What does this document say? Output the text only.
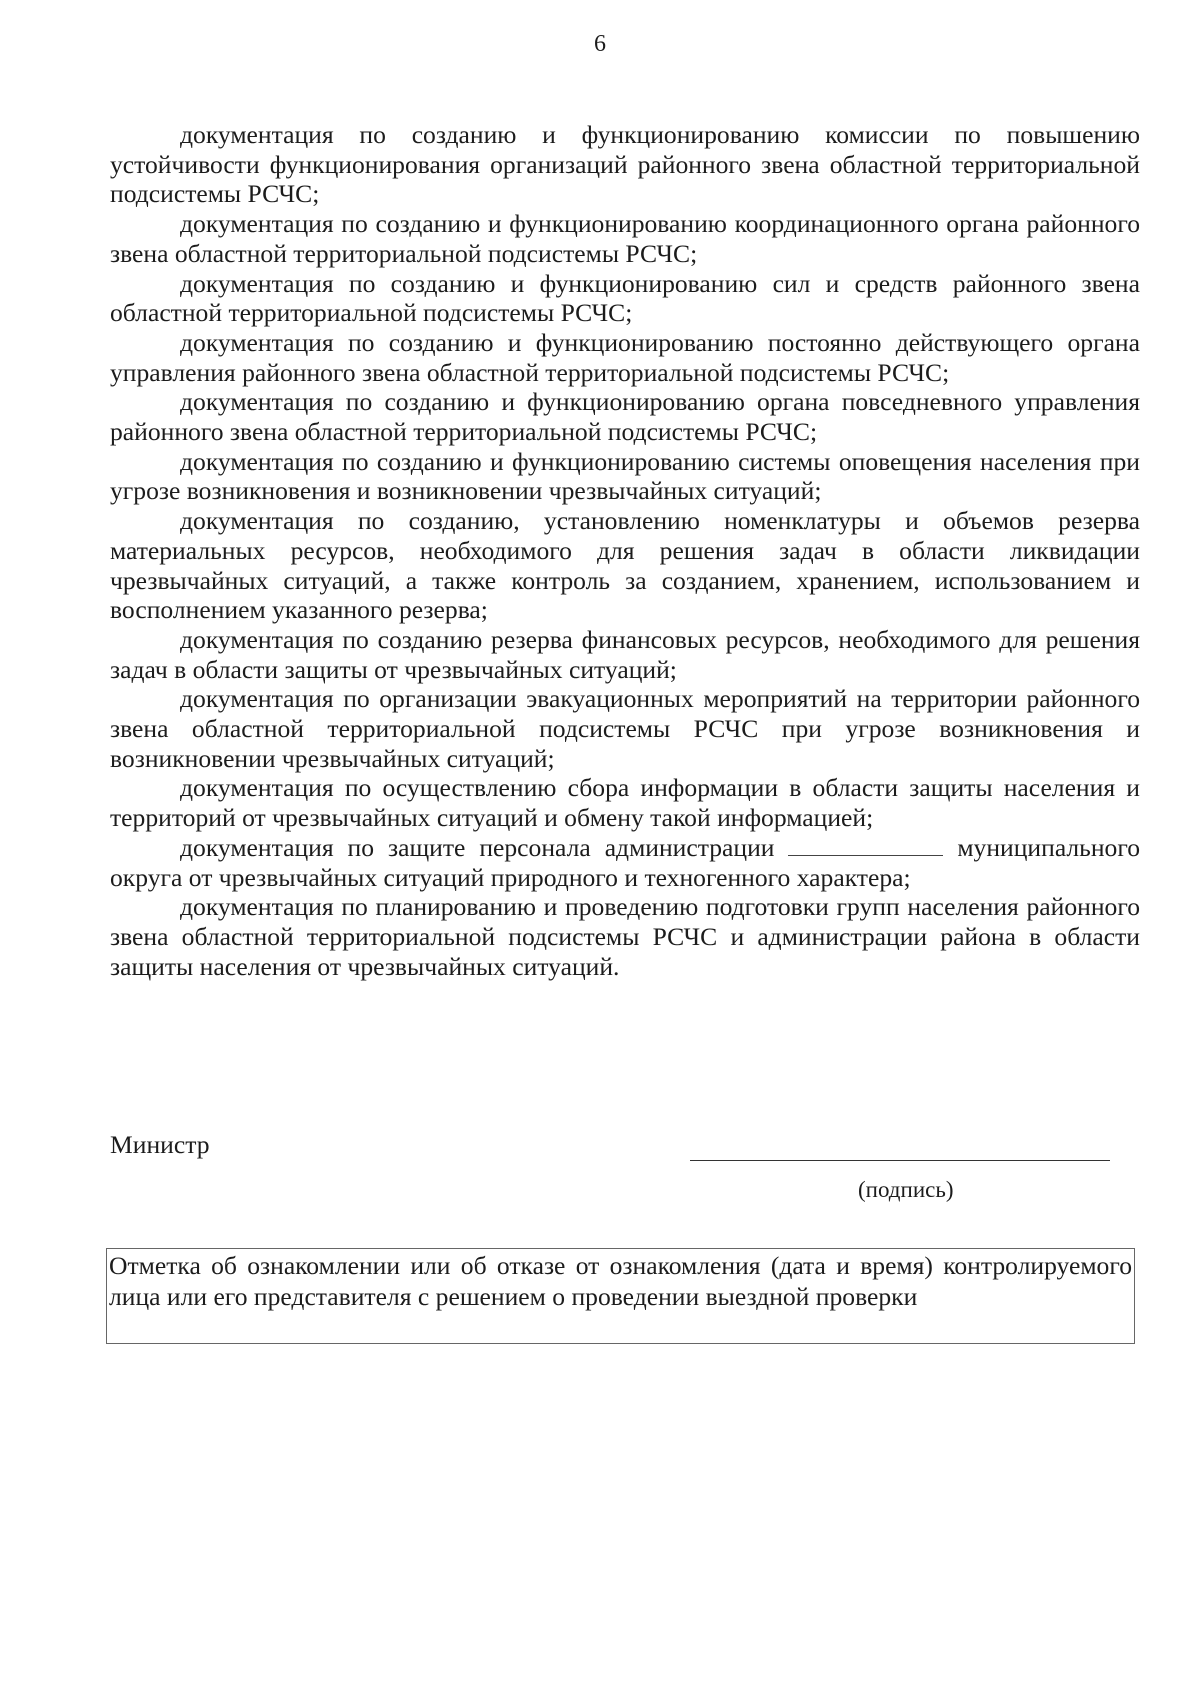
6

документация по созданию и функционированию комиссии по повышению устойчивости функционирования организаций районного звена областной территориальной подсистемы РСЧС;

документация по созданию и функционированию координационного органа районного звена областной территориальной подсистемы РСЧС;

документация по созданию и функционированию сил и средств районного звена областной территориальной подсистемы РСЧС;

документация по созданию и функционированию постоянно действующего органа управления районного звена областной территориальной подсистемы РСЧС;

документация по созданию и функционированию органа повседневного управления районного звена областной территориальной подсистемы РСЧС;

документация по созданию и функционированию системы оповещения населения при угрозе возникновения и возникновении чрезвычайных ситуаций;

документация по созданию, установлению номенклатуры и объемов резерва материальных ресурсов, необходимого для решения задач в области ликвидации чрезвычайных ситуаций, а также контроль за созданием, хранением, использованием и восполнением указанного резерва;

документация по созданию резерва финансовых ресурсов, необходимого для решения задач в области защиты от чрезвычайных ситуаций;

документация по организации эвакуационных мероприятий на территории районного звена областной территориальной подсистемы РСЧС при угрозе возникновения и возникновении чрезвычайных ситуаций;

документация по осуществлению сбора информации в области защиты населения и территорий от чрезвычайных ситуаций и обмену такой информацией;

документация по защите персонала администрации	муниципального округа от чрезвычайных ситуаций природного и техногенного характера;

документация по планированию и проведению подготовки групп населения районного звена областной территориальной подсистемы РСЧС и администрации района в области защиты населения от чрезвычайных ситуаций.

Министр
(подпись)
Отметка об ознакомлении или об отказе от ознакомления (дата и время) контролируемого лица или его представителя с решением о проведении выездной проверки
